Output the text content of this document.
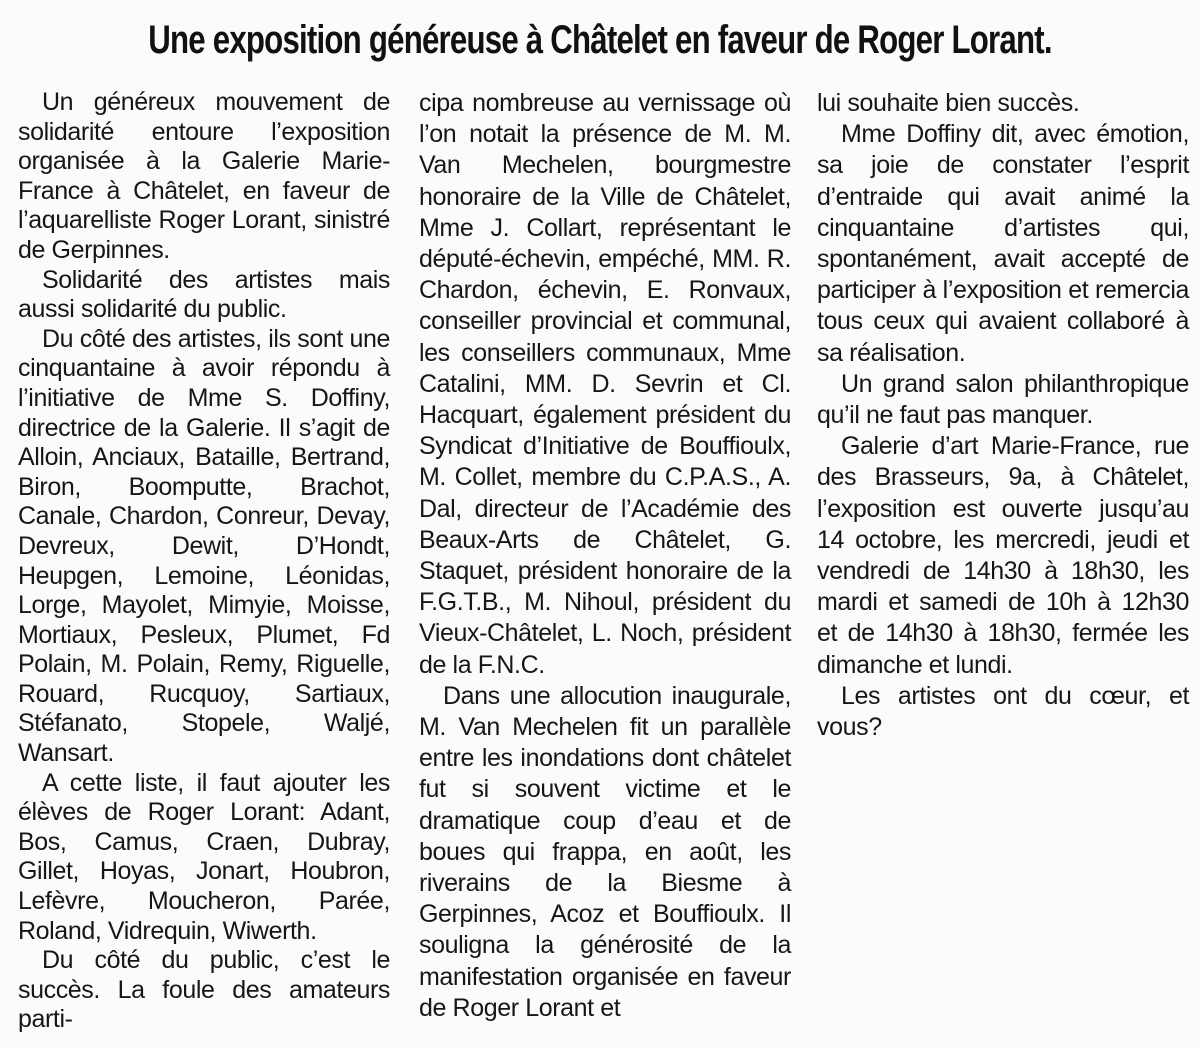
Une exposition généreuse à Châtelet en faveur de Roger Lorant.

Un généreux mouvement de solidarité entoure l’exposition organisée à la Galerie Marie-France à Châtelet, en faveur de l’aquarelliste Roger Lorant, sinistré de Gerpinnes.

Solidarité des artistes mais aussi solidarité du public.

Du côté des artistes, ils sont une cinquantaine à avoir répondu à l’initiative de Mme S. Doffiny, directrice de la Galerie. Il s’agit de Alloin, Anciaux, Bataille, Bertrand, Biron, Boomputte, Brachot, Canale, Chardon, Conreur, Devay, Devreux, Dewit, D’Hondt, Heupgen, Lemoine, Léonidas, Lorge, Mayolet, Mimyie, Moisse, Mortiaux, Pesleux, Plumet, Fd Polain, M. Polain, Remy, Riguelle, Rouard, Rucquoy, Sartiaux, Stéfanato, Stopele, Waljé, Wansart.

A cette liste, il faut ajouter les élèves de Roger Lorant: Adant, Bos, Camus, Craen, Dubray, Gillet, Hoyas, Jonart, Houbron, Lefèvre, Moucheron, Parée, Roland, Vidrequin, Wiwerth.

Du côté du public, c’est le succès. La foule des amateurs parti-

cipa nombreuse au vernissage où l’on notait la présence de M. M. Van Mechelen, bourgmestre honoraire de la Ville de Châtelet, Mme J. Collart, représentant le député-échevin, empéché, MM. R. Chardon, échevin, E. Ronvaux, conseiller provincial et communal, les conseillers communaux, Mme Catalini, MM. D. Sevrin et Cl. Hacquart, également président du Syndicat d’Initiative de Bouffioulx, M. Collet, membre du C.P.A.S., A. Dal, directeur de l’Académie des Beaux-Arts de Châtelet, G. Staquet, président honoraire de la F.G.T.B., M. Nihoul, président du Vieux-Châtelet, L. Noch, président de la F.N.C.

Dans une allocution inaugurale, M. Van Mechelen fit un parallèle entre les inondations dont châtelet fut si souvent victime et le dramatique coup d’eau et de boues qui frappa, en août, les riverains de la Biesme à Gerpinnes, Acoz et Bouffioulx. Il souligna la générosité de la manifestation organisée en faveur de Roger Lorant et

lui souhaite bien succès.

Mme Doffiny dit, avec émotion, sa joie de constater l’esprit d’entraide qui avait animé la cinquantaine d’artistes qui, spontanément, avait accepté de participer à l’exposition et remercia tous ceux qui avaient collaboré à sa réalisation.

Un grand salon philanthropique qu’il ne faut pas manquer.

Galerie d’art Marie-France, rue des Brasseurs, 9a, à Châtelet, l’exposition est ouverte jusqu’au 14 octobre, les mercredi, jeudi et vendredi de 14h30 à 18h30, les mardi et samedi de 10h à 12h30 et de 14h30 à 18h30, fermée les dimanche et lundi.

Les artistes ont du cœur, et vous?
